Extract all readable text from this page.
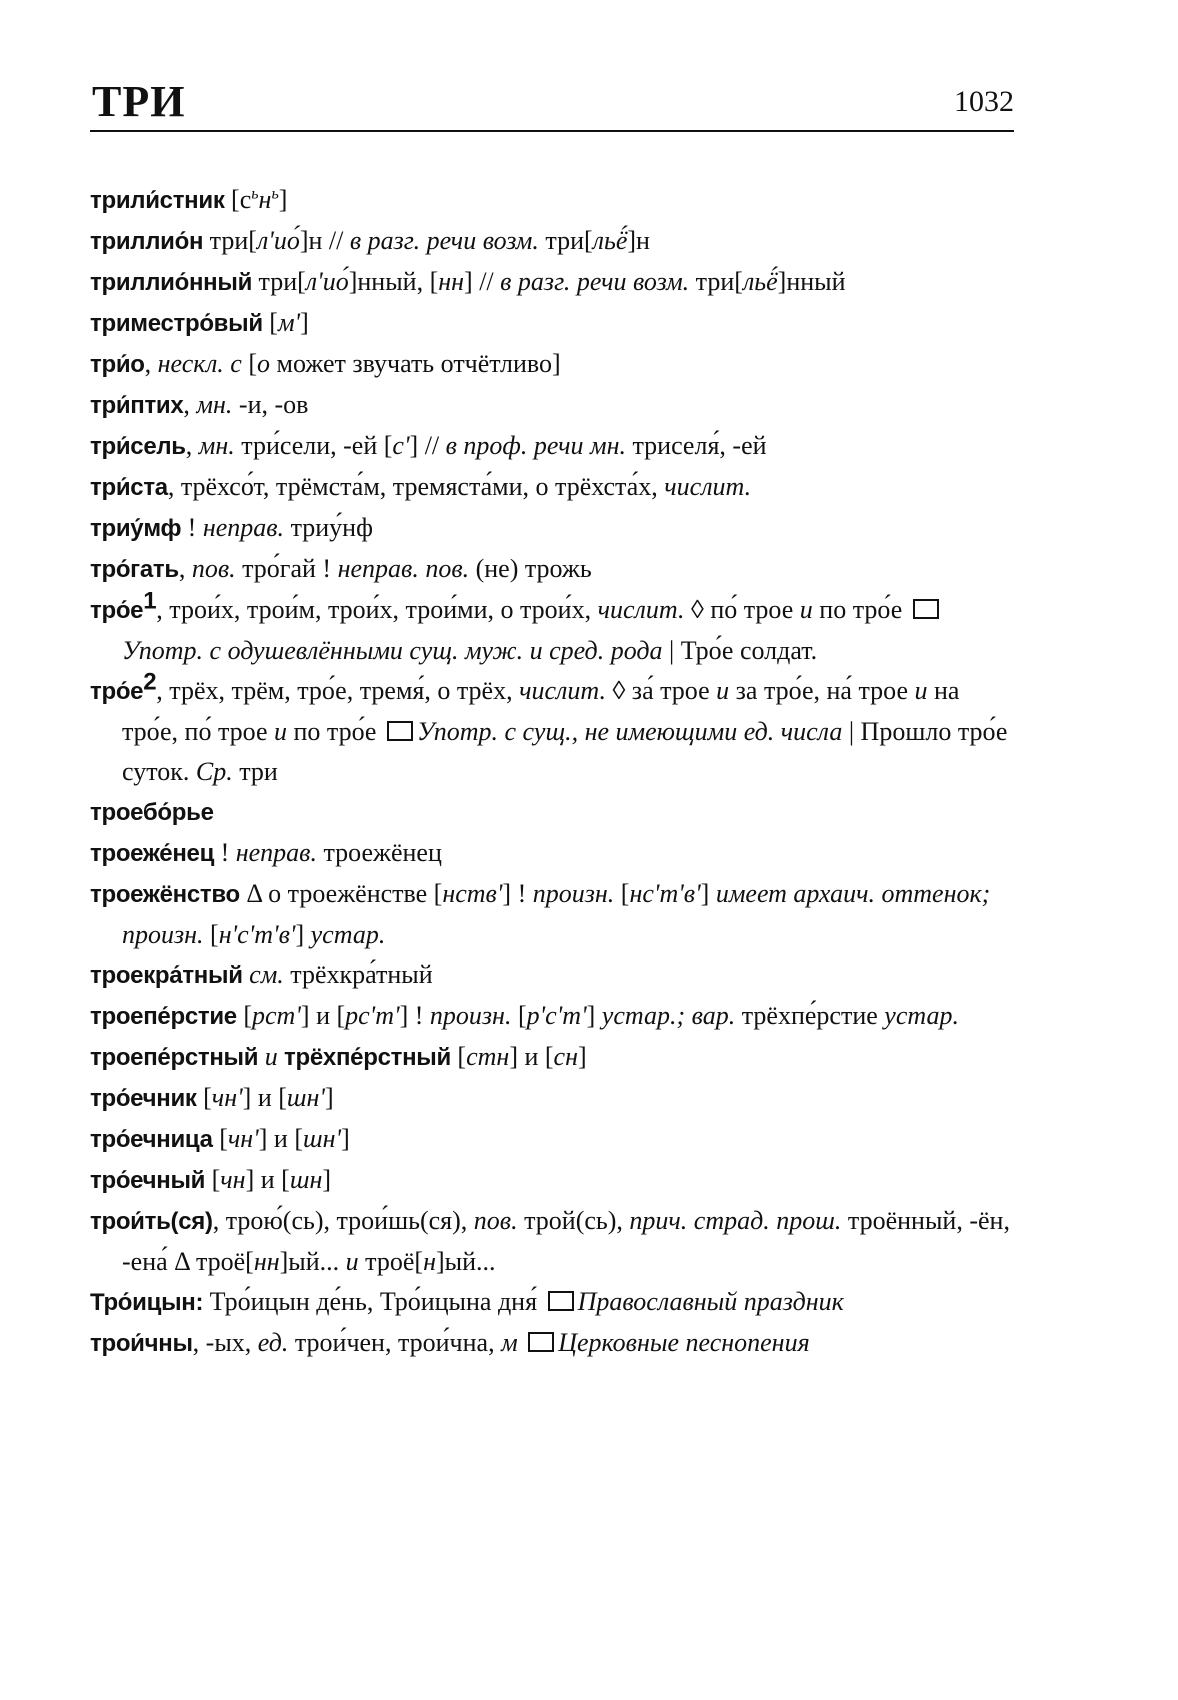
ТРИ	1032
трили́стник $[с^ьн^ь]$
триллио́н три[л'ио́]н // в разг. речи возм. три[льё́]н
триллио́нный три[л'ио́]нный, [нн] // в разг. речи возм. три[льё́]нный
триместро́вый [м']
три́о, нескл. с [о может звучать отчётливо]
три́птих, мн. -и, -ов
три́сель, мн. три́сели, -ей [с'] // в проф. речи мн. триселя́, -ей
три́ста, трёхсо́т, трёмста́м, тремяста́ми, о трёхста́х, числит.
триу́мф ! неправ. триу́нф
тро́гать, пов. тро́гай ! неправ. пов. (не) трожь
$тро́е^1$, трои́х, трои́м, трои́х, трои́ми, о трои́х, числит. ◊ по́ трое и по тро́е Употр. с одушевлёнными сущ. муж. и сред. рода | Тро́е солдат.
$тро́е^2$, трёх, трём, тро́е, тремя́, о трёх, числит. ◊ за́ трое и за тро́е, на́ трое и на тро́е, по́ трое и по тро́е Употр. с сущ., не имеющими ед. числа | Прошло тро́е суток. Ср. три
троебо́рье
троеже́нец ! неправ. троежёнец
троежёнство Δ о троежёнстве [нств'] ! произн. [нс'т'в'] имеет архаич. оттенок; произн. [н'с'т'в'] устар.
троекра́тный см. трёхкра́тный
троепе́рстие [рст'] и [рс'т'] ! произн. [р'с'т'] устар.; вар. трёхпе́рстие устар.
троепе́рстный и трёхпе́рстный [стн] и [сн]
тро́ечник [чн'] и [шн']
тро́ечница [чн'] и [шн']
тро́ечный [чн] и [шн]
трои́ть(ся), трою́(сь), трои́шь(ся), пов. трой(сь), прич. страд. прош. троённый, -ён, -ена́ Δ троё[нн]ый... и троё[н]ый...
Тро́ицын: Тро́ицын де́нь, Тро́ицына дня́ Православный праздник
трои́чны, -ых, ед. трои́чен, трои́чна, м Церковные песнопения
